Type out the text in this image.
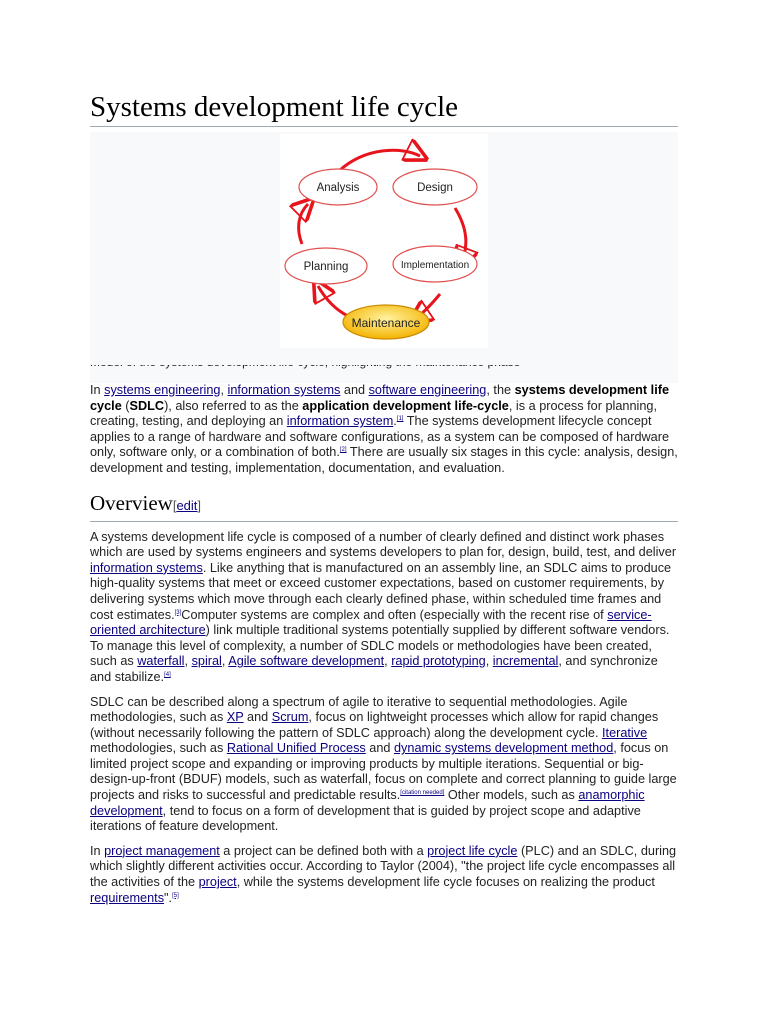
Systems development life cycle
Analysis	Design
Implementation
Maintenance
Planning

In systems engineering, information systems and software engineering, the systems development life cycle (SDLC), also referred to as the application development life-cycle, is a process for planning, creating, testing, and deploying an information system.[1] The systems development lifecycle concept applies to a range of hardware and software configurations, as a system can be composed of hardware only, software only, or a combination of both.[2] There are usually six stages in this cycle: analysis, design, development and testing, implementation, documentation, and evaluation.

Overview[edit]

A systems development life cycle is composed of a number of clearly defined and distinct work phases which are used by systems engineers and systems developers to plan for, design, build, test, and deliver information systems. Like anything that is manufactured on an assembly line, an SDLC aims to produce high-quality systems that meet or exceed customer expectations, based on customer requirements, by delivering systems which move through each clearly defined phase, within scheduled time frames and cost estimates.[3]Computer systems are complex and often (especially with the recent rise of service-oriented architecture) link multiple traditional systems potentially supplied by different software vendors. To manage this level of complexity, a number of SDLC models or methodologies have been created, such as waterfall, spiral, Agile software development, rapid prototyping, incremental, and synchronize and stabilize.[4]

SDLC can be described along a spectrum of agile to iterative to sequential methodologies. Agile methodologies, such as XP and Scrum, focus on lightweight processes which allow for rapid changes (without necessarily following the pattern of SDLC approach) along the development cycle. Iterative methodologies, such as Rational Unified Process and dynamic systems development method, focus on limited project scope and expanding or improving products by multiple iterations. Sequential or big-design-up-front (BDUF) models, such as waterfall, focus on complete and correct planning to guide large projects and risks to successful and predictable results.[citation needed] Other models, such as anamorphic development, tend to focus on a form of development that is guided by project scope and adaptive iterations of feature development.

In project management a project can be defined both with a project life cycle (PLC) and an SDLC, during which slightly different activities occur. According to Taylor (2004), "the project life cycle encompasses all the activities of the project, while the systems development life cycle focuses on realizing the product requirements".[5]
